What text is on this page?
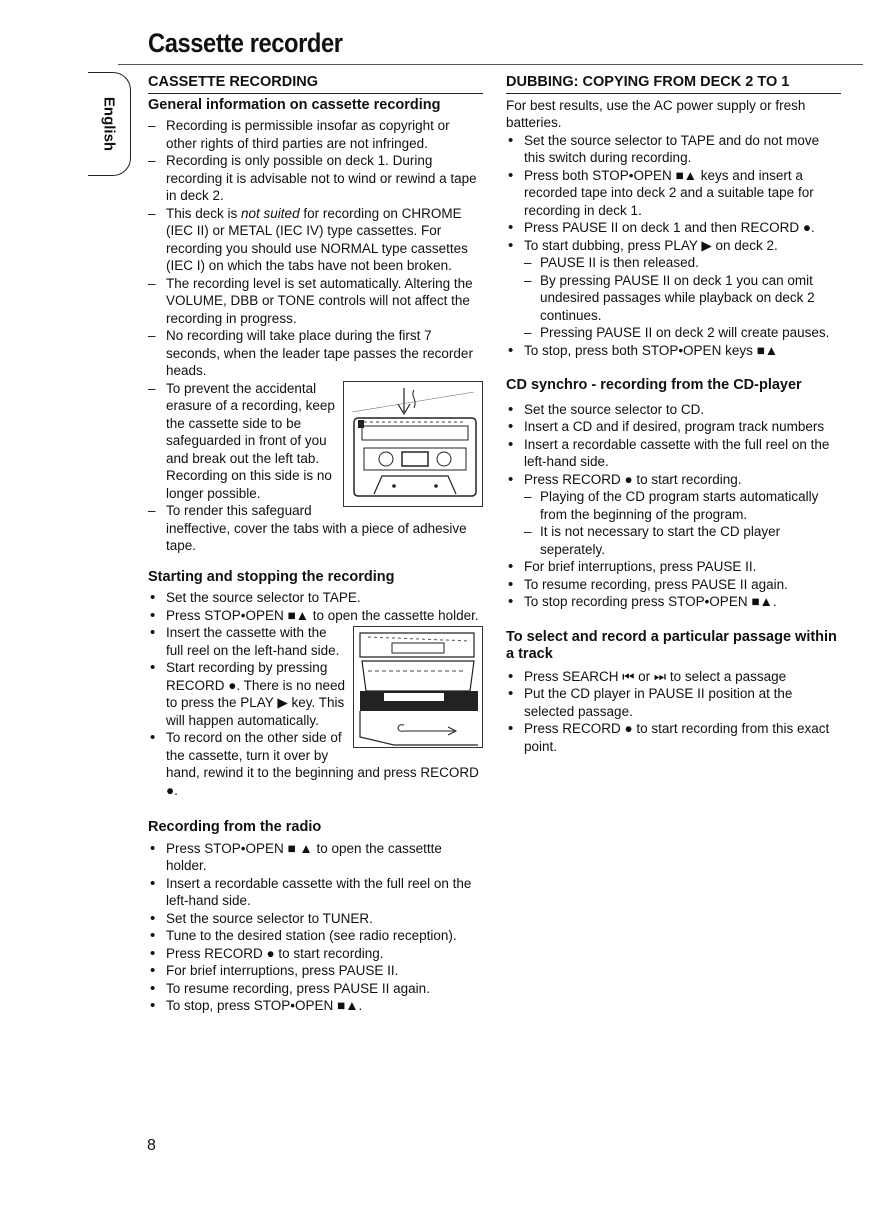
Cassette recorder
English
CASSETTE RECORDING
General information on cassette recording
– Recording is permissible insofar as copyright or other rights of third parties are not infringed.
– Recording is only possible on deck 1. During recording it is advisable not to wind or rewind a tape in deck 2.
– This deck is not suited for recording on CHROME (IEC II) or METAL (IEC IV) type cassettes. For recording you should use NORMAL type cassettes (IEC I) on which the tabs have not been broken.
– The recording level is set automatically. Altering the VOLUME, DBB or TONE controls will not affect the recording in progress.
– No recording will take place during the first 7 seconds, when the leader tape passes the recorder heads.
– To prevent the accidental erasure of a recording, keep the cassette side to be safeguarded in front of you and break out the left tab. Recording on this side is no longer possible.
– To render this safeguard ineffective, cover the tabs with a piece of adhesive tape.
Starting and stopping the recording
• Set the source selector to TAPE.
• Press STOP•OPEN ■▲ to open the cassette holder.
• Insert the cassette with the full reel on the left-hand side.
• Start recording by pressing RECORD ●. There is no need to press the PLAY ▶ key. This will happen automatically.
• To record on the other side of the cassette, turn it over by hand, rewind it to the beginning and press RECORD ●.
Recording from the radio
• Press STOP•OPEN ■ ▲ to open the cassettte holder.
• Insert a recordable cassette with the full reel on the left-hand side.
• Set the source selector to TUNER.
• Tune to the desired station (see radio reception).
• Press RECORD ● to start recording.
• For brief interruptions, press PAUSE II.
• To resume recording, press PAUSE II again.
• To stop, press STOP•OPEN ■▲.
DUBBING: COPYING FROM DECK 2 TO 1

For best results, use the AC power supply or fresh batteries.

• Set the source selector to TAPE and do not move this switch during recording.
• Press both STOP•OPEN ■▲ keys and insert a recorded tape into deck 2 and a suitable tape for recording in deck 1.
• Press PAUSE II on deck 1 and then RECORD ●.
• To start dubbing, press PLAY ▶ on deck 2.
– PAUSE II is then released.
– By pressing PAUSE II on deck 1 you can omit undesired passages while playback on deck 2 continues.
– Pressing PAUSE II on deck 2 will create pauses.
• To stop, press both STOP•OPEN keys ■▲
CD synchro - recording from the CD-player
• Set the source selector to CD.
• Insert a CD and if desired, program track numbers
• Insert a recordable cassette with the full reel on the left-hand side.
• Press RECORD ● to start recording.
– Playing of the CD program starts automatically from the beginning of the program.
– It is not necessary to start the CD player seperately.
• For brief interruptions, press PAUSE II.
• To resume recording, press PAUSE II again.
• To stop recording press STOP•OPEN ■▲.
To select and record a particular passage within a track
• Press SEARCH ⏮ or ⏭ to select a passage
• Put the CD player in PAUSE II position at the selected passage.
• Press RECORD ● to start recording from this exact point.
8
